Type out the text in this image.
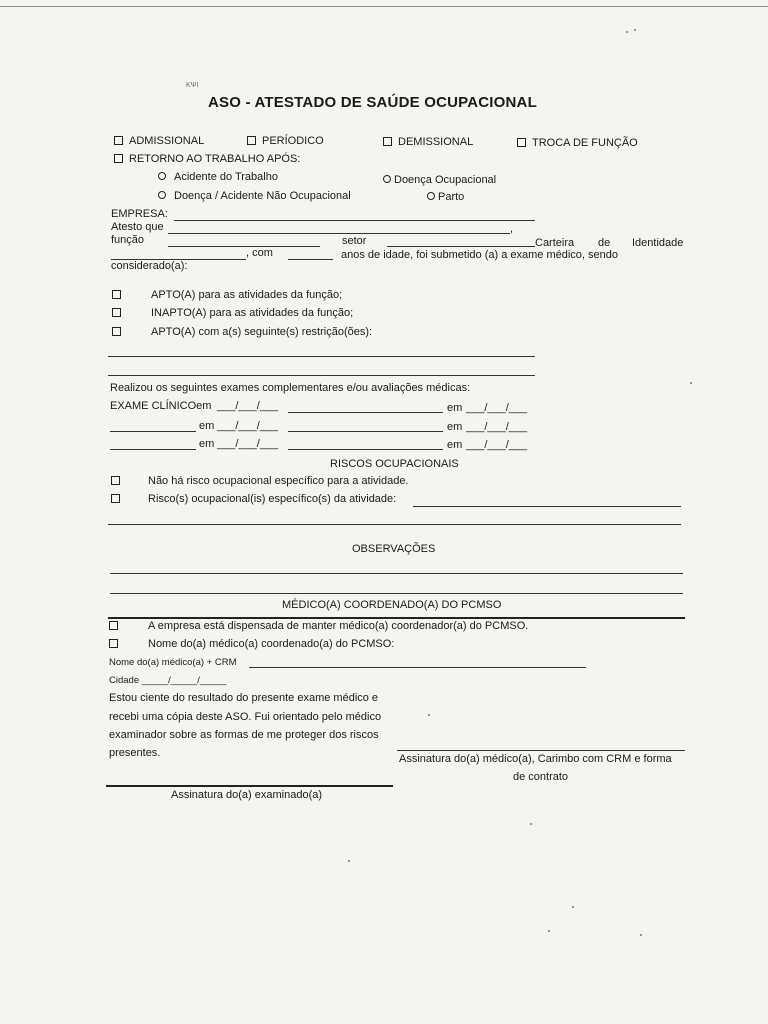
ΚΨΙ
ASO - ATESTADO DE SAÚDE OCUPACIONAL
ADMISSIONAL	PERÍODICO	DEMISSIONAL	TROCA DE FUNÇÃO
RETORNO AO TRABALHO APÓS:
Acidente do Trabalho	Doença Ocupacional
Doença / Acidente Não Ocupacional	Parto
EMPRESA:
Atesto que	,
função	setor	Carteira de Identidade
, com	anos de idade, foi submetido (a) a exame médico, sendo
considerado(a):
APTO(A) para as atividades da função;
INAPTO(A) para as atividades da função;
APTO(A) com a(s) seguinte(s) restrição(ões):
Realizou os seguintes exames complementares e/ou avaliações médicas:
EXAME CLÍNICOem ___/___/___	em ___/___/___
em ___/___/___	em ___/___/___
em ___/___/___	em ___/___/___
RISCOS OCUPACIONAIS
Não há risco ocupacional específico para a atividade.
Risco(s) ocupacional(is) específico(s) da atividade:
OBSERVAÇÕES
MÉDICO(A) COORDENADO(A) DO PCMSO
A empresa está dispensada de manter médico(a) coordenador(a) do PCMSO.
Nome do(a) médico(a) coordenado(a) do PCMSO:
Nome do(a) médico(a) + CRM
Cidade _____/_____/_____
Estou ciente do resultado do presente exame médico e
recebi uma cópia deste ASO. Fui orientado pelo médico
examinador sobre as formas de me proteger dos riscos
presentes.	Assinatura do(a) médico(a), Carimbo com CRM e forma
de contrato
Assinatura do(a) examinado(a)
